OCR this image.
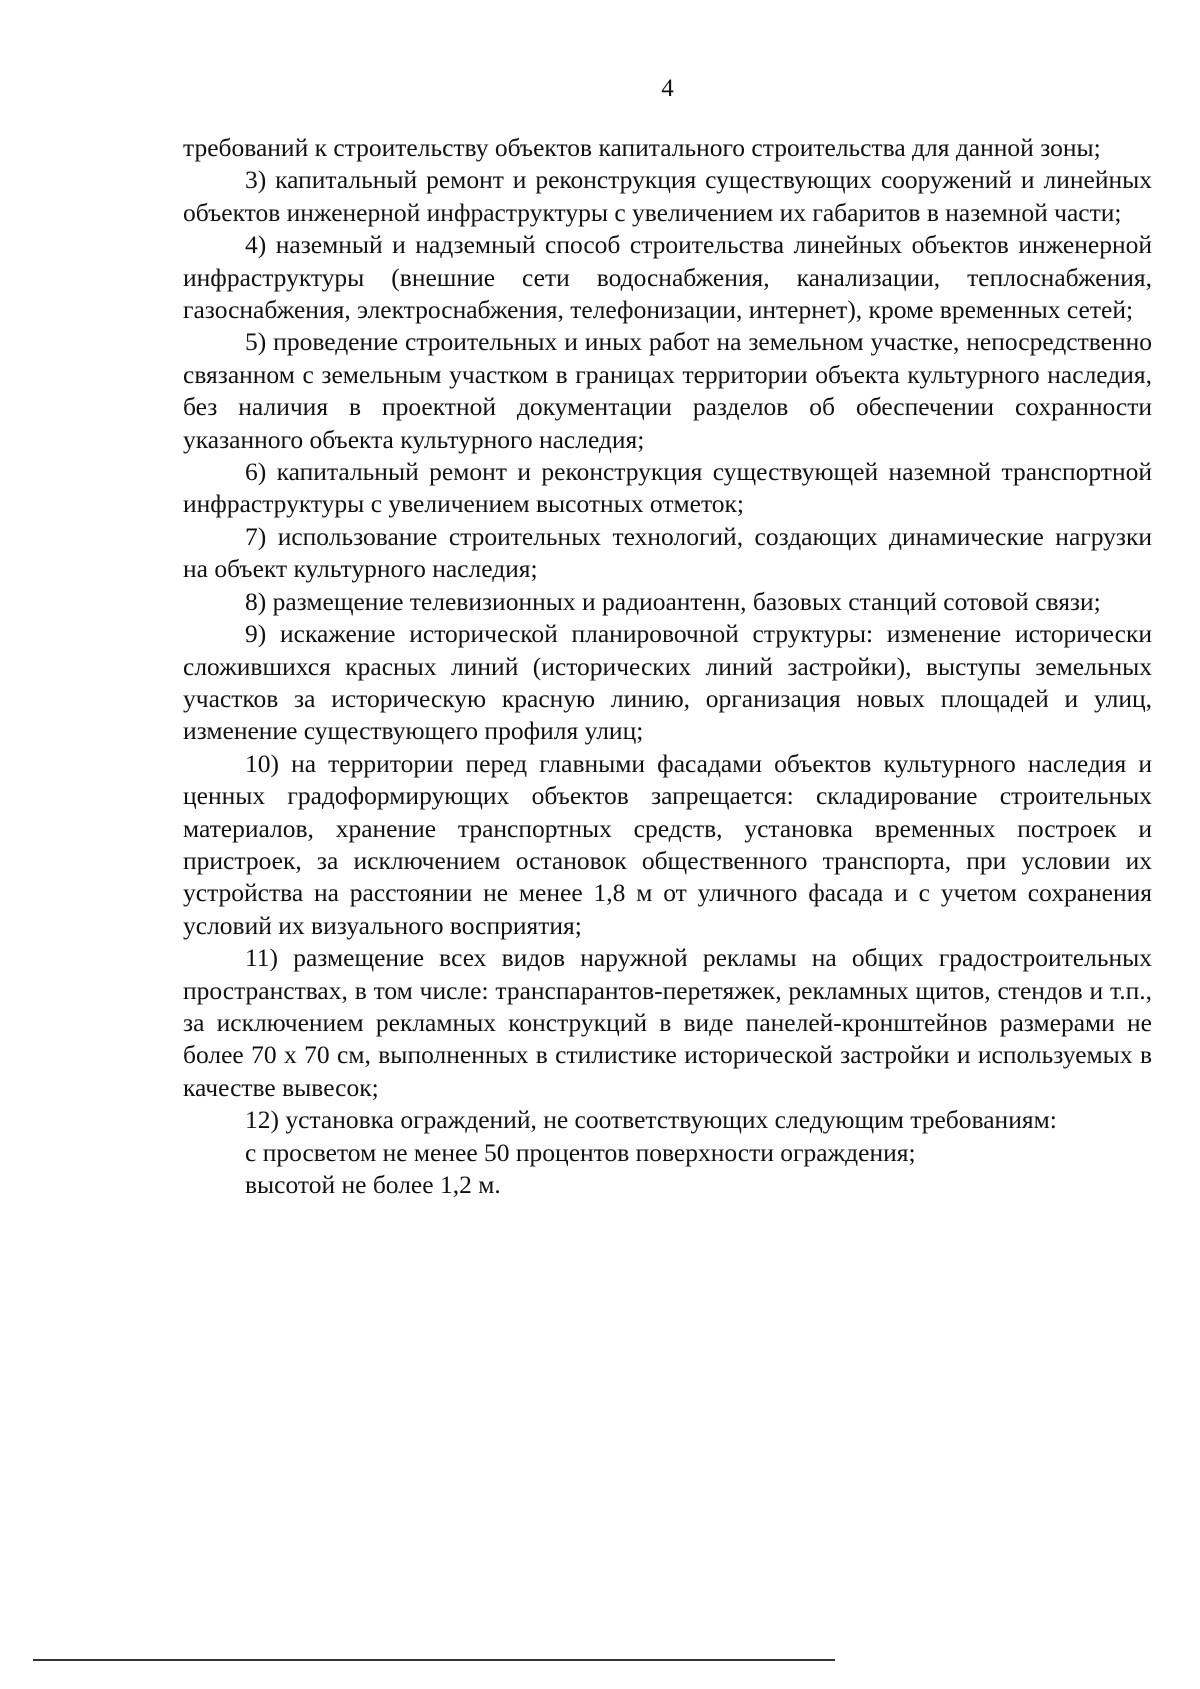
4

требований к строительству объектов капитального строительства для данной зоны;

3) капитальный ремонт и реконструкция существующих сооружений и линейных объектов инженерной инфраструктуры с увеличением их габаритов в наземной части;

4) наземный и надземный способ строительства линейных объектов инженерной инфраструктуры (внешние сети водоснабжения, канализации, теплоснабжения, газоснабжения, электроснабжения, телефонизации, интернет), кроме временных сетей;

5) проведение строительных и иных работ на земельном участке, непосредственно связанном с земельным участком в границах территории объекта культурного наследия, без наличия в проектной документации разделов об обеспечении сохранности указанного объекта культурного наследия;

6) капитальный ремонт и реконструкция существующей наземной транспортной инфраструктуры с увеличением высотных отметок;

7) использование строительных технологий, создающих динамические нагрузки на объект культурного наследия;

8) размещение телевизионных и радиоантенн, базовых станций сотовой связи;

9) искажение исторической планировочной структуры: изменение исторически сложившихся красных линий (исторических линий застройки), выступы земельных участков за историческую красную линию, организация новых площадей и улиц, изменение существующего профиля улиц;

10) на территории перед главными фасадами объектов культурного наследия и ценных градоформирующих объектов запрещается: складирование строительных материалов, хранение транспортных средств, установка временных построек и пристроек, за исключением остановок общественного транспорта, при условии их устройства на расстоянии не менее 1,8 м от уличного фасада и с учетом сохранения условий их визуального восприятия;

11) размещение всех видов наружной рекламы на общих градостроительных пространствах, в том числе: транспарантов-перетяжек, рекламных щитов, стендов и т.п., за исключением рекламных конструкций в виде панелей-кронштейнов размерами не более 70 х 70 см, выполненных в стилистике исторической застройки и используемых в качестве вывесок;

12) установка ограждений, не соответствующих следующим требованиям:

с просветом не менее 50 процентов поверхности ограждения;

высотой не более 1,2 м.
